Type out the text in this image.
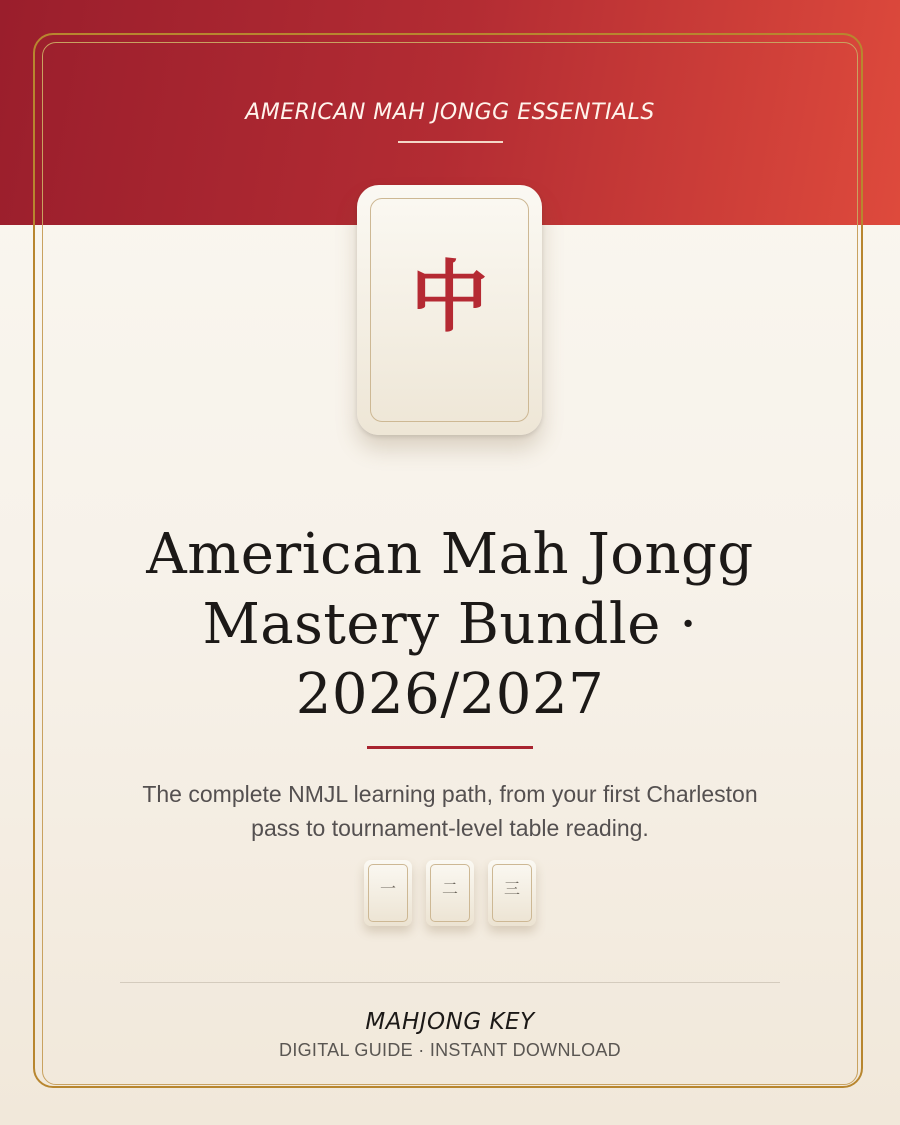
AMERICAN MAH JONGG ESSENTIALS
中
American Mah Jongg
Mastery Bundle ·
2026/2027
The complete NMJL learning path, from your first Charleston
pass to tournament-level table reading.
一	二	三
MAHJONG KEY
DIGITAL GUIDE · INSTANT DOWNLOAD
